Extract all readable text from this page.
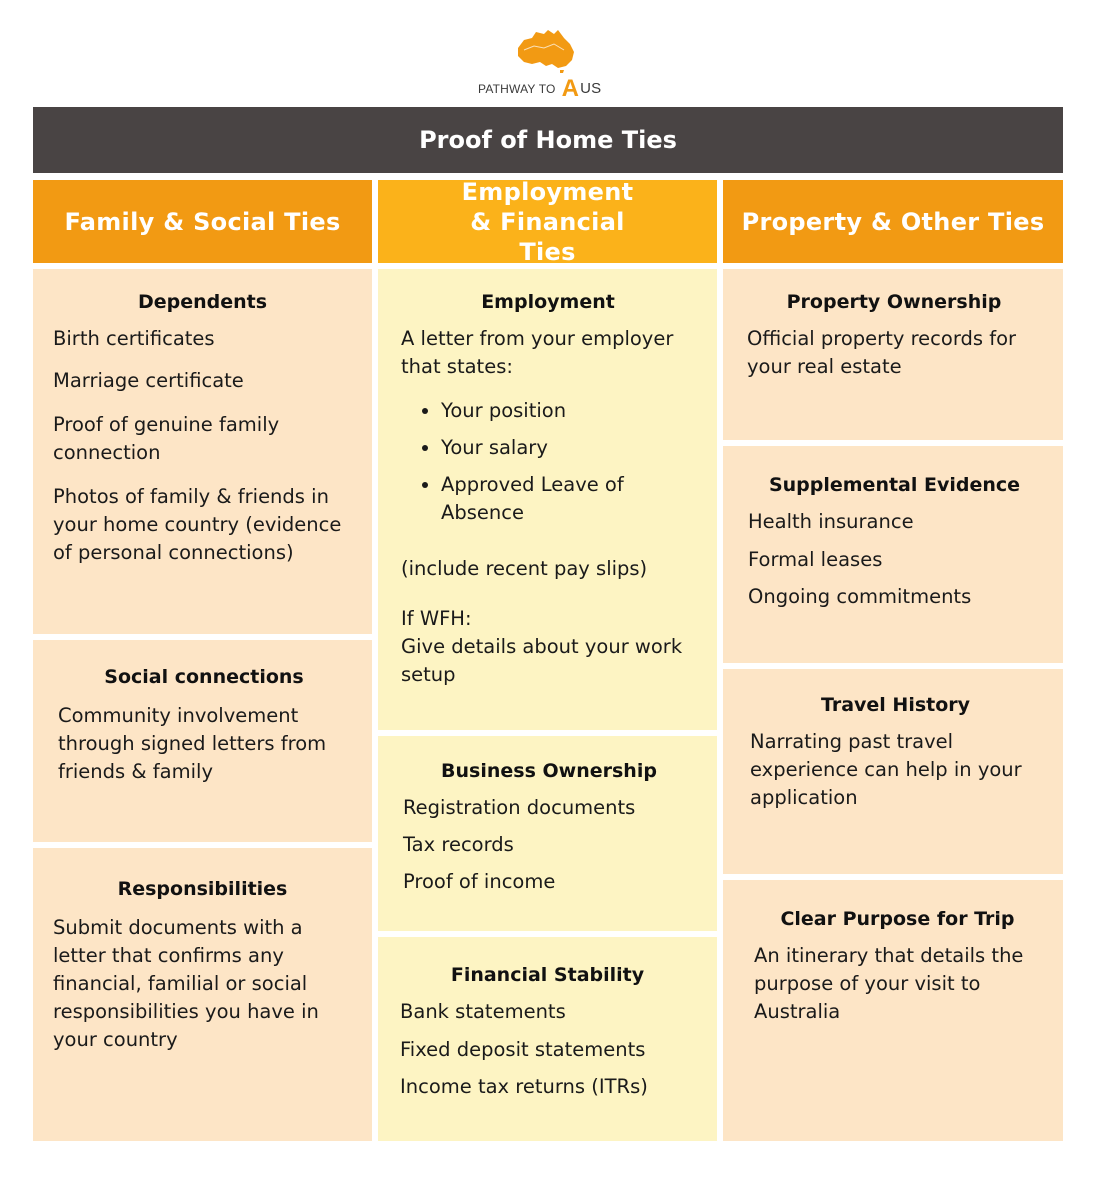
PATHWAY TO AUS
Proof of Home Ties
Family & Social Ties
Employment & Financial Ties
Property & Other Ties
Dependents

Birth certificates

Marriage certificate

Proof of genuine family connection

Photos of family & friends in your home country (evidence of personal connections)

Social connections

Community involvement through signed letters from friends & family

Responsibilities

Submit documents with a letter that confirms any financial, familial or social responsibilities you have in your country

Employment

A letter from your employer that states:

• Your position
• Your salary
• Approved Leave of Absence

(include recent pay slips)

If WFH:

Give details about your work setup

Business Ownership

Registration documents

Tax records

Proof of income

Financial Stability

Bank statements

Fixed deposit statements

Income tax returns (ITRs)

Property Ownership

Official property records for your real estate

Supplemental Evidence

Health insurance

Formal leases

Ongoing commitments

Travel History

Narrating past travel experience can help in your application

Clear Purpose for Trip

An itinerary that details the purpose of your visit to Australia
